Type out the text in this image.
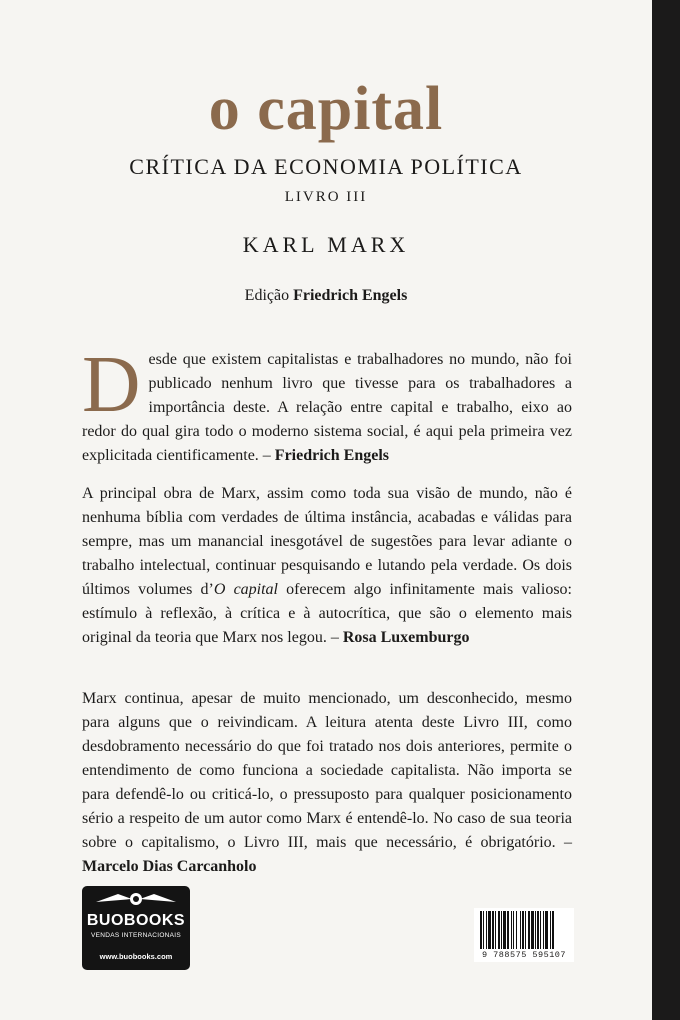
o capital
CRÍTICA DA ECONOMIA POLÍTICA
LIVRO III
KARL MARX
Edição Friedrich Engels
Desde que existem capitalistas e trabalhadores no mundo, não foi publicado nenhum livro que tivesse para os trabalhadores a importância deste. A relação entre capital e trabalho, eixo ao redor do qual gira todo o moderno sistema social, é aqui pela primeira vez explicitada cientificamente. – Friedrich Engels
A principal obra de Marx, assim como toda sua visão de mundo, não é nenhuma bíblia com verdades de última instância, acabadas e válidas para sempre, mas um manancial inesgotável de sugestões para levar adiante o trabalho intelectual, continuar pesquisando e lutando pela verdade. Os dois últimos volumes d’O capital oferecem algo infinitamente mais valioso: estímulo à reflexão, à crítica e à autocrítica, que são o elemento mais original da teoria que Marx nos legou. – Rosa Luxemburgo
Marx continua, apesar de muito mencionado, um desconhecido, mesmo para alguns que o reivindicam. A leitura atenta deste Livro III, como desdobramento necessário do que foi tratado nos dois anteriores, permite o entendimento de como funciona a sociedade capitalista. Não importa se para defendê-lo ou criticá-lo, o pressuposto para qualquer posicionamento sério a respeito de um autor como Marx é entendê-lo. No caso de sua teoria sobre o capitalismo, o Livro III, mais que necessário, é obrigatório. – Marcelo Dias Carcanholo
BUOBOOKS
VENDAS INTERNACIONAIS
www.buobooks.com	9 788575 595107
